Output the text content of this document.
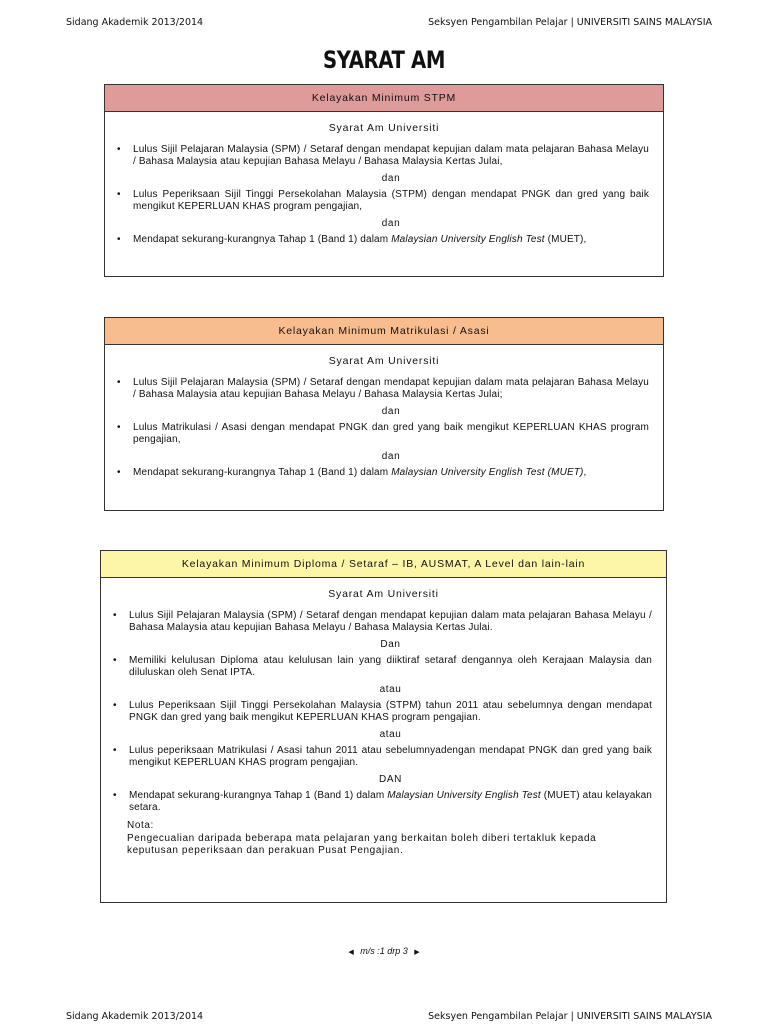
Sidang Akademik 2013/2014	Seksyen Pengambilan Pelajar | UNIVERSITI SAINS MALAYSIA
SYARAT AM
Kelayakan Minimum STPM
Syarat Am Universiti
• Lulus Sijil Pelajaran Malaysia (SPM) / Setaraf dengan mendapat kepujian dalam mata pelajaran Bahasa Melayu / Bahasa Malaysia atau kepujian Bahasa Melayu / Bahasa Malaysia Kertas Julai,
dan
• Lulus Peperiksaan Sijil Tinggi Persekolahan Malaysia (STPM) dengan mendapat PNGK dan gred yang baik mengikut KEPERLUAN KHAS program pengajian,
dan
• Mendapat sekurang-kurangnya Tahap 1 (Band 1) dalam Malaysian University English Test (MUET),
Kelayakan Minimum Matrikulasi / Asasi
Syarat Am Universiti
• Lulus Sijil Pelajaran Malaysia (SPM) / Setaraf dengan mendapat kepujian dalam mata pelajaran Bahasa Melayu / Bahasa Malaysia atau kepujian Bahasa Melayu / Bahasa Malaysia Kertas Julai;
dan
• Lulus Matrikulasi / Asasi dengan mendapat PNGK dan gred yang baik mengikut KEPERLUAN KHAS program pengajian,
dan
• Mendapat sekurang-kurangnya Tahap 1 (Band 1) dalam Malaysian University English Test (MUET),
Kelayakan Minimum Diploma / Setaraf – IB, AUSMAT, A Level dan lain-lain
Syarat Am Universiti
• Lulus Sijil Pelajaran Malaysia (SPM) / Setaraf dengan mendapat kepujian dalam mata pelajaran Bahasa Melayu / Bahasa Malaysia atau kepujian Bahasa Melayu / Bahasa Malaysia Kertas Julai.
Dan
• Memiliki kelulusan Diploma atau kelulusan lain yang diiktiraf setaraf dengannya oleh Kerajaan Malaysia dan diluluskan oleh Senat IPTA.
atau
• Lulus Peperiksaan Sijil Tinggi Persekolahan Malaysia (STPM) tahun 2011 atau sebelumnya dengan mendapat PNGK dan gred yang baik mengikut KEPERLUAN KHAS program pengajian.
atau
• Lulus peperiksaan Matrikulasi / Asasi tahun 2011 atau sebelumnyadengan mendapat PNGK dan gred yang baik mengikut KEPERLUAN KHAS program pengajian.
DAN
• Mendapat sekurang-kurangnya Tahap 1 (Band 1) dalam Malaysian University English Test (MUET) atau kelayakan setara.
Nota:
Pengecualian daripada beberapa mata pelajaran yang berkaitan boleh diberi tertakluk kepada keputusan peperiksaan dan perakuan Pusat Pengajian.
◀ m/s :1 drp 3 ▶
Sidang Akademik 2013/2014	Seksyen Pengambilan Pelajar | UNIVERSITI SAINS MALAYSIA
